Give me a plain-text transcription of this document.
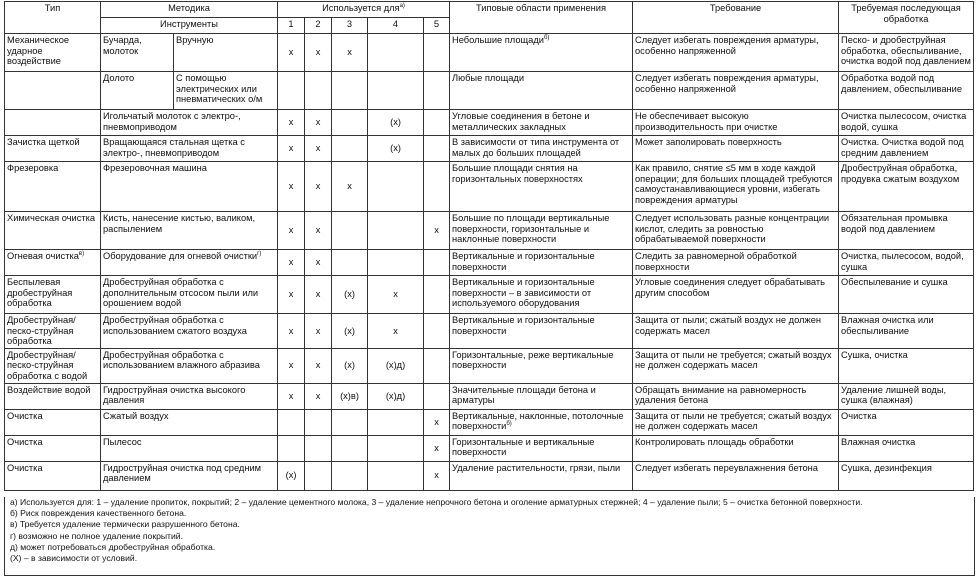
Тип	Методика		Используется для$^{а)}$					Типовые области применения	Требование	Требуемая последующая обработка
	Инструменты		1	2	3	4	5			
Механическое ударное воздействие	Бучарда, молоток	Вручную	х	х	х			Небольшие площади$^{б)}$	Следует избегать повреждения арматуры, особенно напряженной	Песко- и дробеструйная обработка, обеспыливание, очистка водой под давлением
	Долото	С помощью электрических или пневматических о/м						Любые площади	Следует избегать повреждения арматуры, особенно напряженной	Обработка водой под давлением, обеспыливание
	Игольчатый молоток с электро-, пневмоприводом		х	х		(х)		Угловые соединения в бетоне и металлических закладных	Не обеспечивает высокую производительность при очистке	Очистка пылесосом, очистка водой, сушка
Зачистка щеткой	Вращающаяся стальная щетка с электро-, пневмоприводом		х	х		(х)		В зависимости от типа инструмента от малых до больших площадей	Может заполировать поверхность	Очистка. Очистка водой под средним давлением
Фрезеровка	Фрезеровочная машина		х	х	х			Большие площади снятия на горизонтальных поверхностях	Как правило, снятие ≤5 мм в ходе каждой операции; для больших площадей требуются самоустанавливающиеся уровни, избегать повреждения арматуры	Дробеструйная обработка, продувка сжатым воздухом
Химическая очистка	Кисть, нанесение кистью, валиком, распылением		х	х			х	Большие по площади вертикальные поверхности, горизонтальные и наклонные поверхности	Следует использовать разные концентрации кислот, следить за ровностью обрабатываемой поверхности	Обязательная промывка водой под давлением
Огневая очистка$^{в)}$	Оборудование для огневой очистки$^{г)}$		х	х				Вертикальные и горизонтальные поверхности	Следить за равномерной обработкой поверхности	Очистка, пылесосом, водой, сушка
Беспылевая дробеструйная обработка	Дробеструйная обработка с дополнительным отсосом пыли или орошением водой		х	х	(х)	х		Вертикальные и горизонтальные поверхности – в зависимости от используемого оборудования	Угловые соединения следует обрабатывать другим способом	Обеспылевание и сушка
Дробеструйная/песко-струйная обработка	Дробеструйная обработка с использованием сжатого воздуха		х	х	(х)	х		Вертикальные и горизонтальные поверхности	Защита от пыли; сжатый воздух не должен содержать масел	Влажная очистка или обеспыливание
Дробеструйная/песко-струйная обработка с водой	Дробеструйная обработка с использованием влажного абразива		х	х	(х)	(х)д)		Горизонтальные, реже вертикальные поверхности	Защита от пыли не требуется; сжатый воздух не должен содержать масел	Сушка, очистка
Воздействие водой	Гидроструйная очистка высокого давления		х	х	(х)в)	(х)д)		Значительные площади бетона и арматуры	Обращать внимание на равномерность удаления бетона	Удаление лишней воды, сушка (влажная)
Очистка	Сжатый воздух						х	Вертикальные, наклонные, потолочные поверхности$^{б)}$	Защита от пыли не требуется; сжатый воздух не должен содержать масел	Очистка
Очистка	Пылесос						х	Горизонтальные и вертикальные поверхности	Контролировать площадь обработки	Влажная очистка
Очистка	Гидроструйная очистка под средним давлением		(х)				х	Удаление растительности, грязи, пыли	Следует избегать переувлажнения бетона	Сушка, дезинфекция
а) Используется для: 1 – удаление пропиток, покрытий; 2 – удаление цементного молока, 3 – удаление непрочного бетона и оголение арматурных стержней; 4 – удаление пыли; 5 – очистка бетонной поверхности.
б) Риск повреждения качественного бетона.
в) Требуется удаление термически разрушенного бетона.
г) возможно не полное удаление покрытий.
д) может потребоваться дробеструйная обработка.
(Х) – в зависимости от условий.
